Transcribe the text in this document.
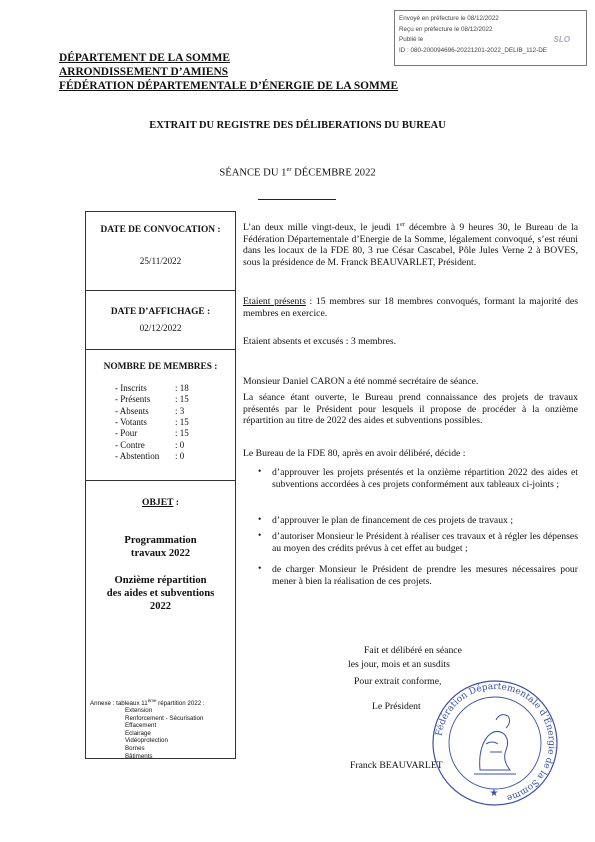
Envoyé en préfecture le 08/12/2022
Reçu en préfecture le 08/12/2022
Publié le
ID : 080-200094696-20221201-2022_DELIB_112-DE
SLO
DÉPARTEMENT DE LA SOMME
ARRONDISSEMENT D’AMIENS
FÉDÉRATION DÉPARTEMENTALE D’ÉNERGIE DE LA SOMME
EXTRAIT DU REGISTRE DES DÉLIBERATIONS DU BUREAU
SÉANCE DU 1er DÉCEMBRE 2022
DATE DE CONVOCATION :
25/11/2022
DATE D’AFFICHAGE :
02/12/2022
NOMBRE DE MEMBRES :
- Inscrits	: 18
- Présents	: 15
- Absents	: 3
- Votants	: 15
- Pour	: 15
- Contre	: 0
- Abstention : 0
OBJET :
Programmation
travaux 2022
Onzième répartition
des aides et subventions
2022
Annexe : tableaux 11ème répartition 2022 :
Extension
Renforcement - Sécurisation
Effacement
Eclairage
Vidéoprotection
Bornes
Bâtiments
L’an deux mille vingt-deux, le jeudi 1er décembre à 9 heures 30, le Bureau de la Fédération Départementale d’Energie de la Somme, légalement convoqué, s’est réuni dans les locaux de la FDE 80, 3 rue César Cascabel, Pôle Jules Verne 2 à BOVES, sous la présidence de M. Franck BEAUVARLET, Président.
Etaient présents : 15 membres sur 18 membres convoqués, formant la majorité des membres en exercice.
Etaient absents et excusés : 3 membres.
Monsieur Daniel CARON a été nommé secrétaire de séance.
La séance étant ouverte, le Bureau prend connaissance des projets de travaux présentés par le Président pour lesquels il propose de procéder à la onzième répartition au titre de 2022 des aides et subventions possibles.
Le Bureau de la FDE 80, après en avoir délibéré, décide :
• d’approuver les projets présentés et la onzième répartition 2022 des aides et subventions accordées à ces projets conformément aux tableaux ci-joints ;
• d’approuver le plan de financement de ces projets de travaux ;
• d’autoriser Monsieur le Président à réaliser ces travaux et à régler les dépenses au moyen des crédits prévus à cet effet au budget ;
• de charger Monsieur le Président de prendre les mesures nécessaires pour mener à bien la réalisation de ces projets.
Fait et délibéré en séance
les jour, mois et an susdits
Pour extrait conforme,
Le Président
Fédération Départementale d’Énergie de la Somme
★
Franck BEAUVARLET
